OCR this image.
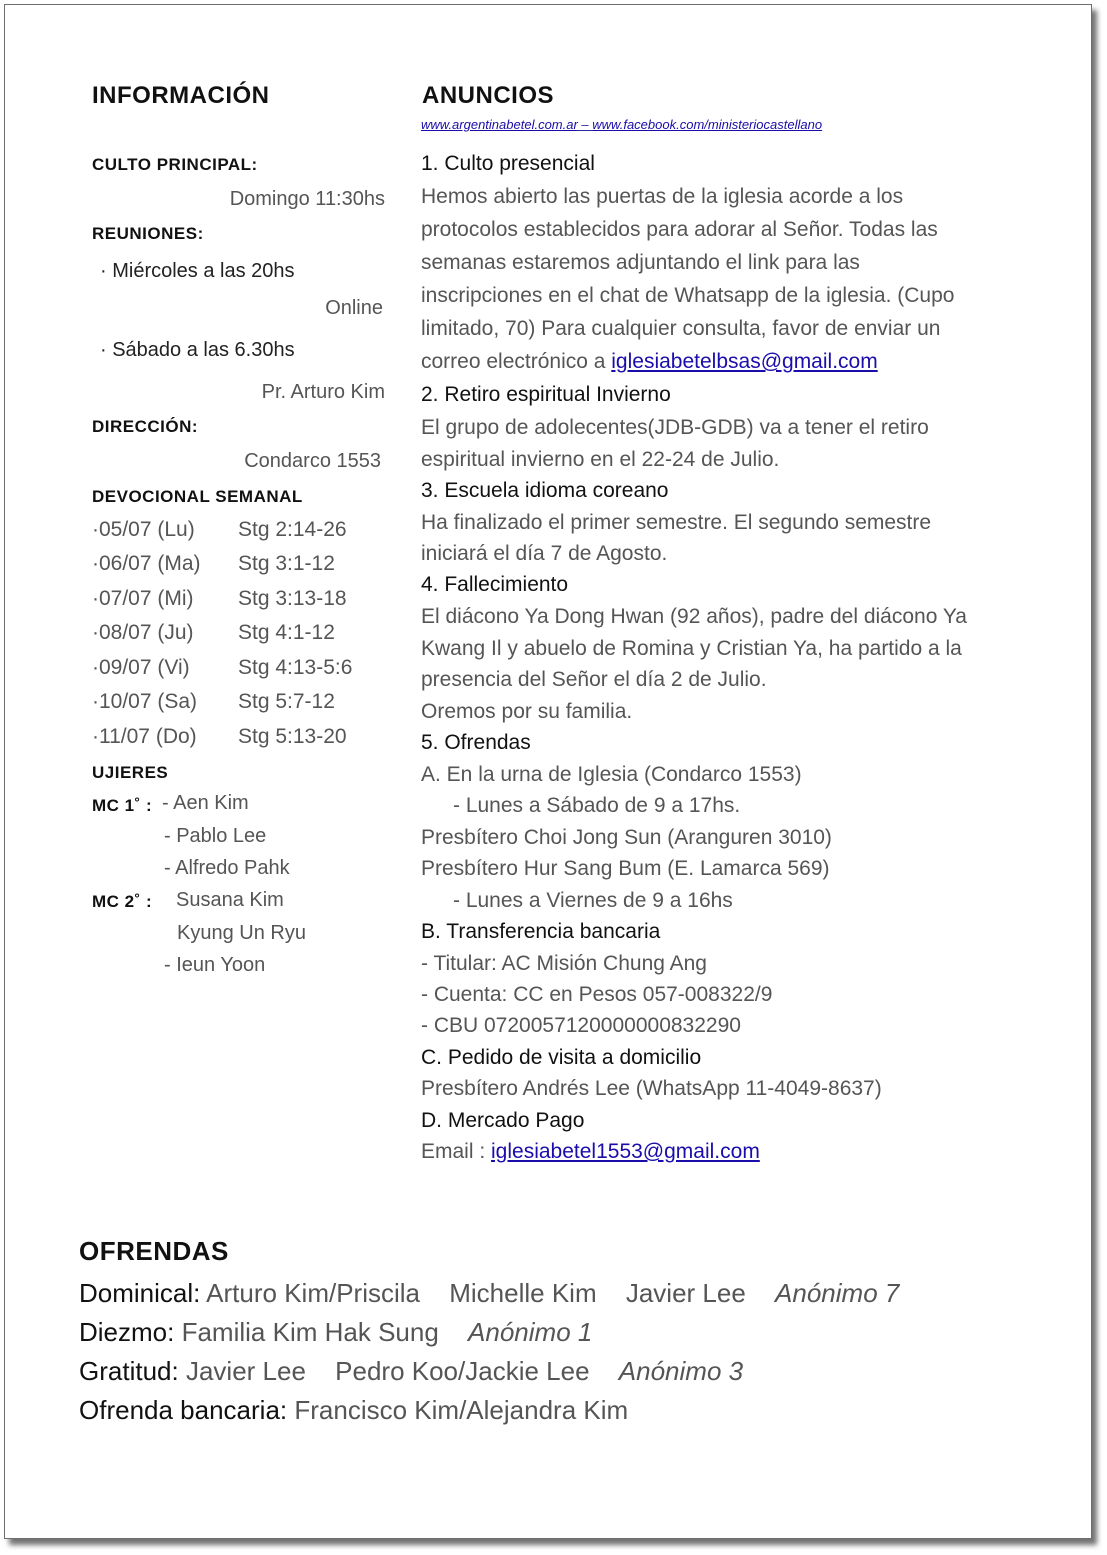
INFORMACIÓN
CULTO PRINCIPAL:
Domingo 11:30hs
REUNIONES:
· Miércoles a las 20hs
Online
· Sábado a las 6.30hs
Pr. Arturo Kim
DIRECCIÓN:
Condarco 1553
DEVOCIONAL SEMANAL
·05/07 (Lu) Stg 2:14-26
·06/07 (Ma) Stg 3:1-12
·07/07 (Mi) Stg 3:13-18
·08/07 (Ju) Stg 4:1-12
·09/07 (Vi) Stg 4:13-5:6
·10/07 (Sa) Stg 5:7-12
·11/07 (Do) Stg 5:13-20
UJIERES
MC 1˚ : - Aen Kim
- Pablo Lee
- Alfredo Pahk
MC 2˚ : Susana Kim
Kyung Un Ryu
- Ieun Yoon
ANUNCIOS
www.argentinabetel.com.ar – www.facebook.com/ministeriocastellano
1. Culto presencial
Hemos abierto las puertas de la iglesia acorde a los
protocolos establecidos para adorar al Señor. Todas las
semanas estaremos adjuntando el link para las
inscripciones en el chat de Whatsapp de la iglesia. (Cupo
limitado, 70) Para cualquier consulta, favor de enviar un
correo electrónico a iglesiabetelbsas@gmail.com
2. Retiro espiritual Invierno
El grupo de adolecentes(JDB-GDB) va a tener el retiro
espiritual invierno en el 22-24 de Julio.
3. Escuela idioma coreano
Ha finalizado el primer semestre. El segundo semestre
iniciará el día 7 de Agosto.
4. Fallecimiento
El diácono Ya Dong Hwan (92 años), padre del diácono Ya
Kwang Il y abuelo de Romina y Cristian Ya, ha partido a la
presencia del Señor el día 2 de Julio.
Oremos por su familia.
5. Ofrendas
A. En la urna de Iglesia (Condarco 1553)
- Lunes a Sábado de 9 a 17hs.
Presbítero Choi Jong Sun (Aranguren 3010)
Presbítero Hur Sang Bum (E. Lamarca 569)
- Lunes a Viernes de 9 a 16hs
B. Transferencia bancaria
- Titular: AC Misión Chung Ang
- Cuenta: CC en Pesos 057-008322/9
- CBU 0720057120000000832290
C. Pedido de visita a domicilio
Presbítero Andrés Lee (WhatsApp 11-4049-8637)
D. Mercado Pago
Email : iglesiabetel1553@gmail.com
OFRENDAS
Dominical: Arturo Kim/Priscila Michelle Kim Javier Lee Anónimo 7
Diezmo: Familia Kim Hak Sung Anónimo 1
Gratitud: Javier Lee Pedro Koo/Jackie Lee Anónimo 3
Ofrenda bancaria: Francisco Kim/Alejandra Kim
